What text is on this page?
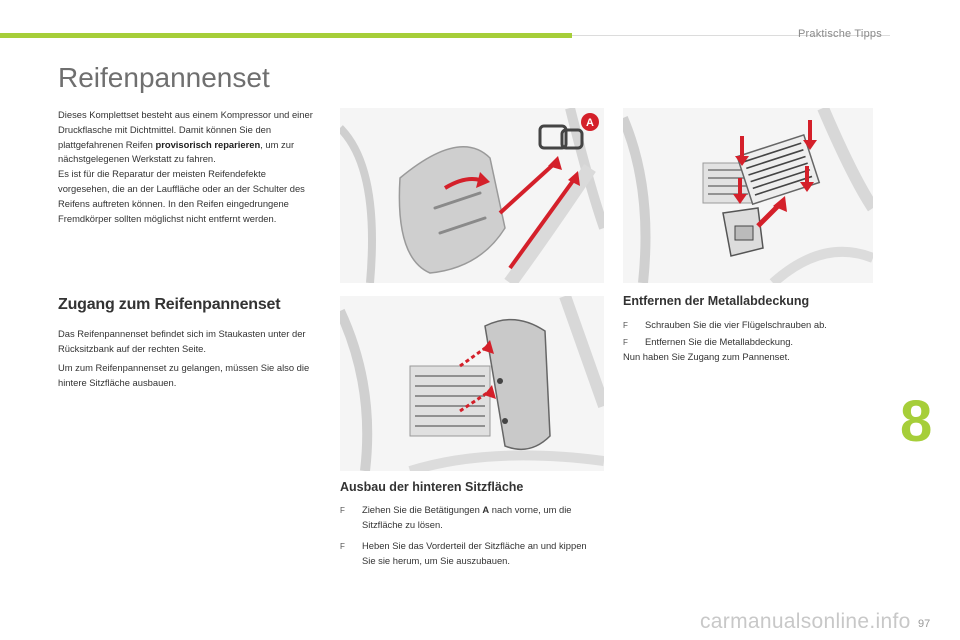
Praktische Tipps
Reifenpannenset
Dieses Komplettset besteht aus einem Kompressor und einer Druckflasche mit Dichtmittel. Damit können Sie den plattgefahrenen Reifen provisorisch reparieren, um zur nächstgelegenen Werkstatt zu fahren.
Es ist für die Reparatur der meisten Reifendefekte vorgesehen, die an der Lauffläche oder an der Schulter des Reifens auftreten können. In den Reifen eingedrungene Fremdkörper sollten möglichst nicht entfernt werden.
Zugang zum Reifenpannenset

Das Reifenpannenset befindet sich im Staukasten unter der Rücksitzbank auf der rechten Seite.

Um zum Reifenpannenset zu gelangen, müssen Sie also die hintere Sitzfläche ausbauen.

A
Entfernen der Metallabdeckung
F	Schrauben Sie die vier Flügelschrauben ab.
F	Entfernen Sie die Metallabdeckung.
Nun haben Sie Zugang zum Pannenset.
Ausbau der hinteren Sitzfläche
F	Ziehen Sie die Betätigungen A nach vorne, um die Sitzfläche zu lösen.
F	Heben Sie das Vorderteil der Sitzfläche an und kippen Sie sie herum, um Sie auszubauen.
8
carmanualsonline.info 97
